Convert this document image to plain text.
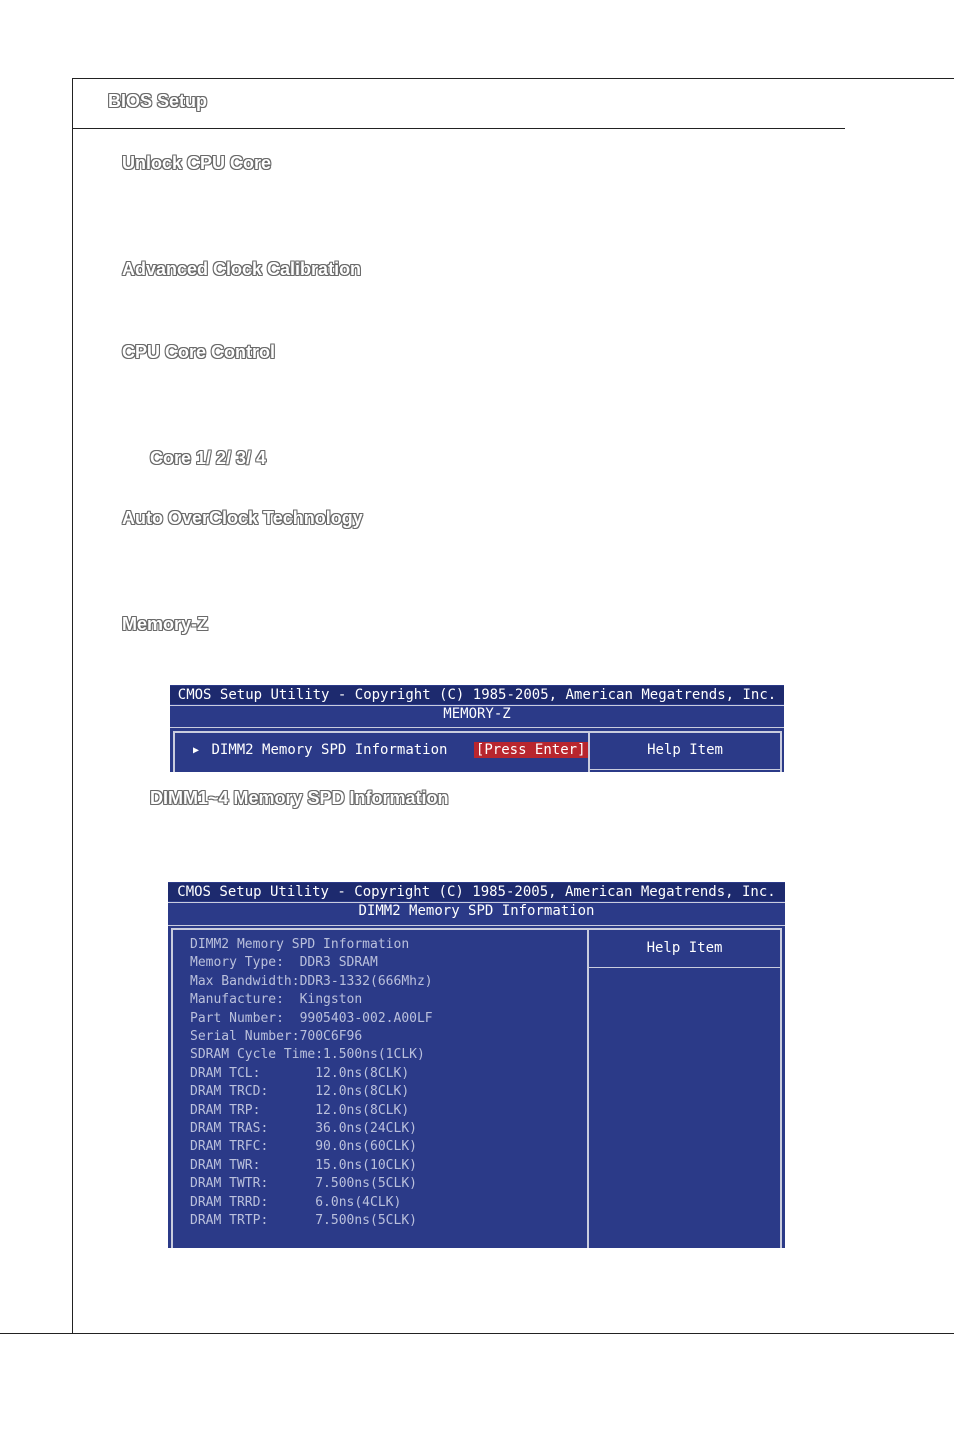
BIOS Setup
Unlock CPU Core
Advanced Clock Calibration
CPU Core Control
Core 1/ 2/ 3/ 4
Auto OverClock Technology
Memory-Z
CMOS Setup Utility - Copyright (C) 1985-2005, American Megatrends, Inc.
MEMORY-Z
▶ DIMM2 Memory SPD Information [Press Enter]	Help Item
DIMM1~4 Memory SPD Information
CMOS Setup Utility - Copyright (C) 1985-2005, American Megatrends, Inc.
DIMM2 Memory SPD Information
DIMM2 Memory SPD Information
Memory Type:  DDR3 SDRAM
Max Bandwidth:DDR3-1332(666Mhz)
Manufacture:  Kingston
Part Number:  9905403-002.A00LF
Serial Number:700C6F96
SDRAM Cycle Time:1.500ns(1CLK)
DRAM TCL:       12.0ns(8CLK)
DRAM TRCD:      12.0ns(8CLK)
DRAM TRP:       12.0ns(8CLK)
DRAM TRAS:      36.0ns(24CLK)
DRAM TRFC:      90.0ns(60CLK)
DRAM TWR:       15.0ns(10CLK)
DRAM TWTR:      7.500ns(5CLK)
DRAM TRRD:      6.0ns(4CLK)
DRAM TRTP:      7.500ns(5CLK)
Help Item
